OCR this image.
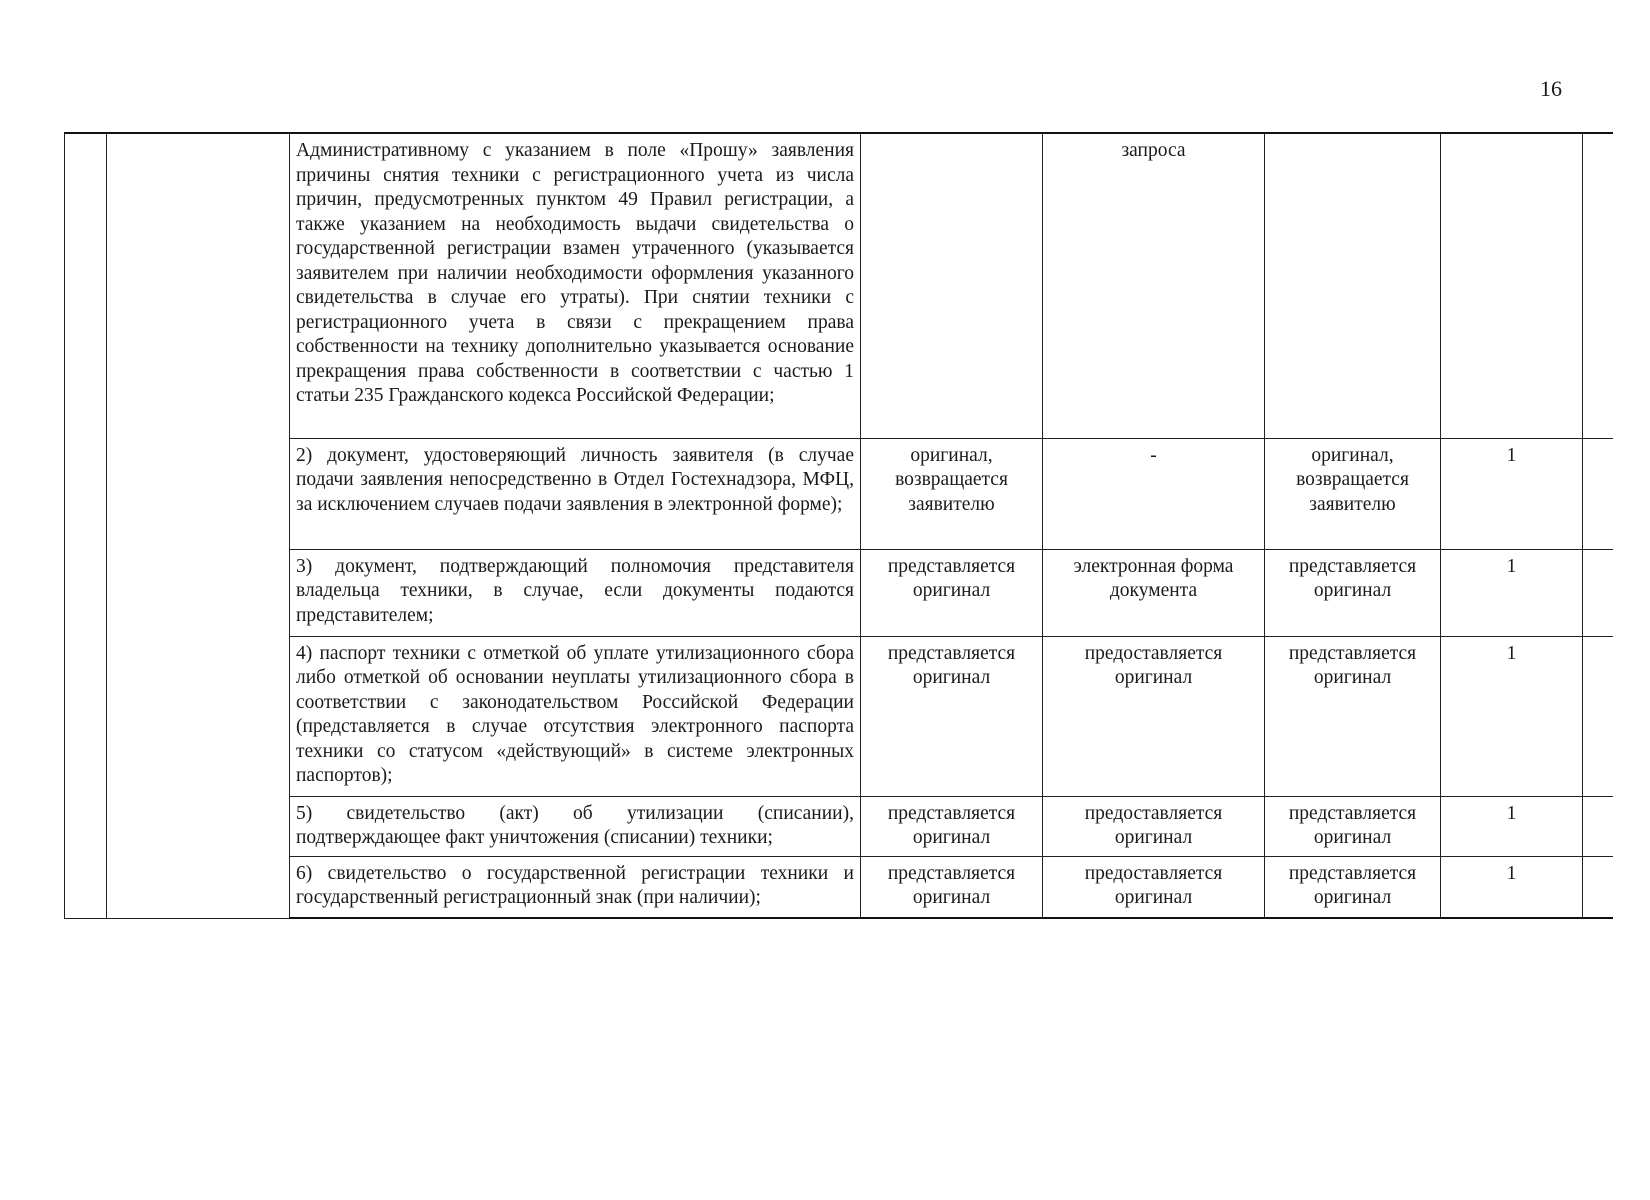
16
		Административному с указанием в поле «Прошу» заявления причины снятия техники с регистрационного учета из числа причин, предусмотренных пунктом 49 Правил регистрации, а также указанием на необходимость выдачи свидетельства о государственной регистрации взамен утраченного (указывается заявителем при наличии необходимости оформления указанного свидетельства в случае его утраты). При снятии техники с регистрационного учета в связи с прекращением права собственности на технику дополнительно указывается основание прекращения права собственности в соответствии с частью 1 статьи 235 Гражданского кодекса Российской Федерации;		запроса			
		2) документ, удостоверяющий личность заявителя (в случае подачи заявления непосредственно в Отдел Гостехнадзора, МФЦ, за исключением случаев подачи заявления в электронной форме);	оригинал, возвращается заявителю	-	оригинал, возвращается заявителю	1	
		3) документ, подтверждающий полномочия представителя владельца техники, в случае, если документы подаются представителем;	представляется оригинал	электронная форма документа	представляется оригинал	1	
		4) паспорт техники с отметкой об уплате утилизационного сбора либо отметкой об основании неуплаты утилизационного сбора в соответствии с законодательством Российской Федерации (представляется в случае отсутствия электронного паспорта техники со статусом «действующий» в системе электронных паспортов);	представляется оригинал	предоставляется оригинал	представляется оригинал	1	
		5) свидетельство (акт) об утилизации (списании), подтверждающее факт уничтожения (списании) техники;	представляется оригинал	предоставляется оригинал	представляется оригинал	1	
		6) свидетельство о государственной регистрации техники и государственный регистрационный знак (при наличии);	представляется оригинал	предоставляется оригинал	представляется оригинал	1	
